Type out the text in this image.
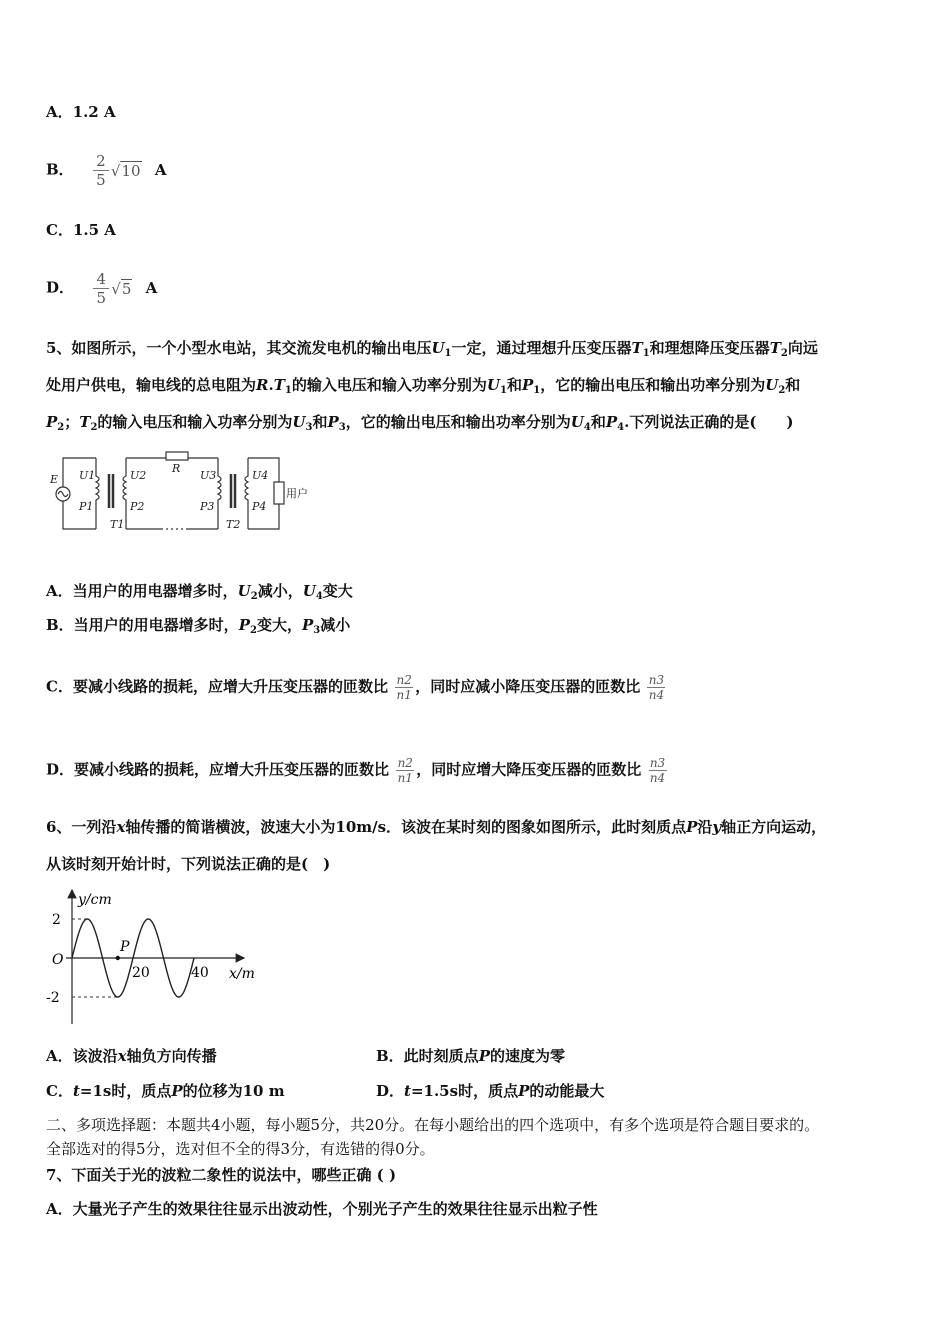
A．1.2 A
B． $\frac{2}{5} √10$ A
C．1.5 A
D． $\frac{4}{5} √5$ A
5、如图所示，一个小型水电站，其交流发电机的输出电压$U_1$一定，通过理想升压变压器$T_1$和理想降压变压器$T_2$向远
处用户供电，输电线的总电阻为$R.T_1$的输入电压和输入功率分别为$U_1$和$P_1$，它的输出电压和输出功率分别为$U_2$和
$P_2$；$T_2$的输入电压和输入功率分别为$U_3$和$P_3$，它的输出电压和输出功率分别为$U_4$和$P_4$.下列说法正确的是(　　)
E
R
U1
P1
U2
P2
T1
U3
P3
U4
P4
T2
用户
A．当用户的用电器增多时，$U_2$减小，$U_4$变大
B．当用户的用电器增多时，$P_2$变大，$P_3$减小
C．要减小线路的损耗，应增大升压变压器的匝数比 $\frac{n2}{n1}$ ，同时应减小降压变压器的匝数比 $\frac{n3}{n4}$
D．要减小线路的损耗，应增大升压变压器的匝数比 $\frac{n2}{n1}$ ，同时应增大降压变压器的匝数比 $\frac{n3}{n4}$
6、一列沿x轴传播的简谐横波，波速大小为10m/s．该波在某时刻的图象如图所示，此时刻质点P沿y轴正方向运动，
从该时刻开始计时，下列说法正确的是(　)
y/cm
x/m
2
-2
O
20	40
P
A．该波沿x轴负方向传播	B．此时刻质点P的速度为零
C．t=1s时，质点P的位移为10 m	D．t=1.5s时，质点P的动能最大
二、多项选择题：本题共4小题，每小题5分，共20分。在每小题给出的四个选项中，有多个选项是符合题目要求的。
全部选对的得5分，选对但不全的得3分，有选错的得0分。
7、下面关于光的波粒二象性的说法中，哪些正确 ( )
A．大量光子产生的效果往往显示出波动性，个别光子产生的效果往往显示出粒子性
